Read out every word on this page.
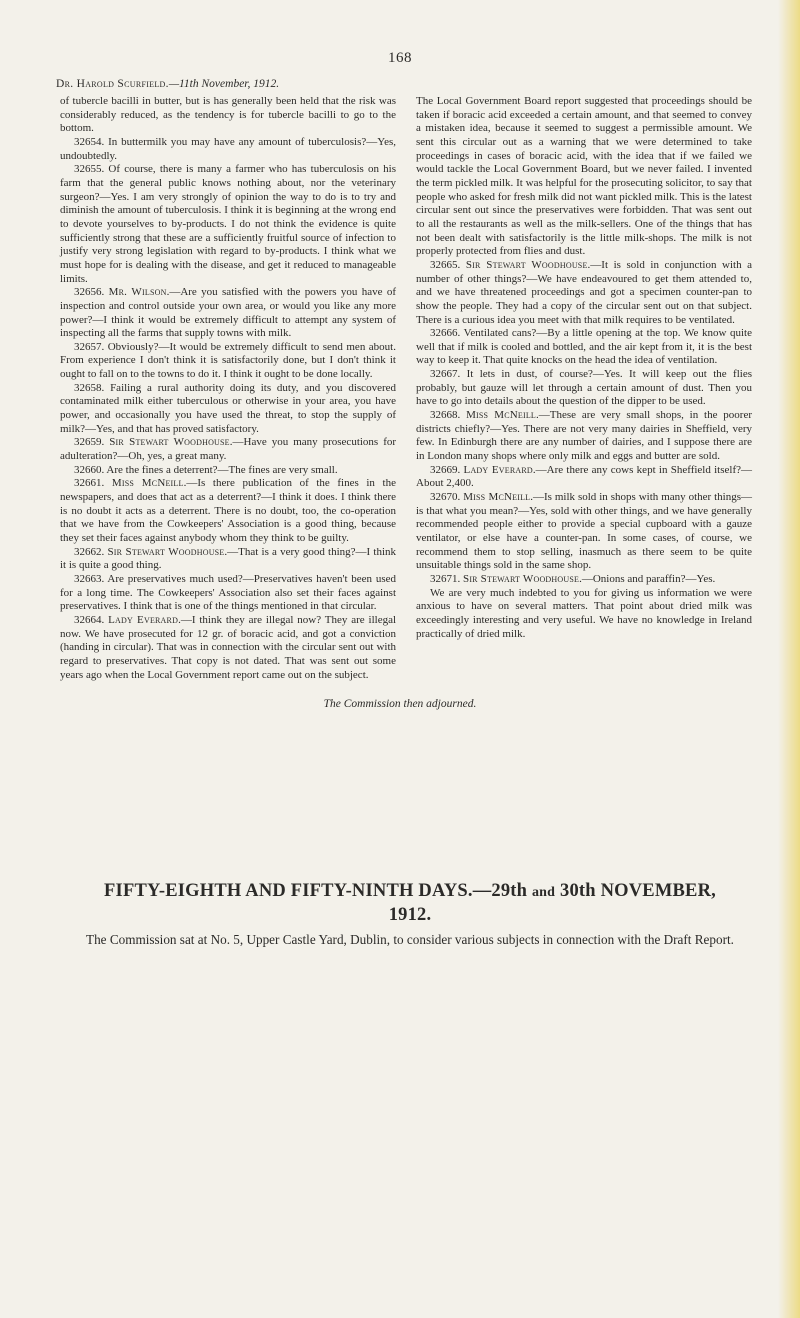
168
Dr. Harold Scurfield.—11th November, 1912.

of tubercle bacilli in butter, but is has generally been held that the risk was considerably reduced, as the tendency is for tubercle bacilli to go to the bottom.

32654. In buttermilk you may have any amount of tuberculosis?—Yes, undoubtedly.

32655. Of course, there is many a farmer who has tuberculosis on his farm that the general public knows nothing about, nor the veterinary surgeon?—Yes. I am very strongly of opinion the way to do is to try and diminish the amount of tuberculosis. I think it is beginning at the wrong end to devote yourselves to by-products. I do not think the evidence is quite sufficiently strong that these are a sufficiently fruitful source of infection to justify very strong legislation with regard to by-products. I think what we must hope for is dealing with the disease, and get it reduced to manageable limits.

32656. Mr. Wilson.—Are you satisfied with the powers you have of inspection and control outside your own area, or would you like any more power?—I think it would be extremely difficult to attempt any system of inspecting all the farms that supply towns with milk.

32657. Obviously?—It would be extremely difficult to send men about. From experience I don't think it is satisfactorily done, but I don't think it ought to fall on to the towns to do it. I think it ought to be done locally.

32658. Failing a rural authority doing its duty, and you discovered contaminated milk either tuberculous or otherwise in your area, you have power, and occasionally you have used the threat, to stop the supply of milk?—Yes, and that has proved satisfactory.

32659. Sir Stewart Woodhouse.—Have you many prosecutions for adulteration?—Oh, yes, a great many.

32660. Are the fines a deterrent?—The fines are very small.

32661. Miss McNeill.—Is there publication of the fines in the newspapers, and does that act as a deterrent?—I think it does. I think there is no doubt it acts as a deterrent. There is no doubt, too, the co-operation that we have from the Cowkeepers' Association is a good thing, because they set their faces against anybody whom they think to be guilty.

32662. Sir Stewart Woodhouse.—That is a very good thing?—I think it is quite a good thing.

32663. Are preservatives much used?—Preservatives haven't been used for a long time. The Cowkeepers' Association also set their faces against preservatives. I think that is one of the things mentioned in that circular.

32664. Lady Everard.—I think they are illegal now? They are illegal now. We have prosecuted for 12 gr. of boracic acid, and got a conviction (handing in circular). That was in connection with the circular sent out with regard to preservatives. That copy is not dated. That was sent out some years ago when the Local Government report came out on the subject.

The Local Government Board report suggested that proceedings should be taken if boracic acid exceeded a certain amount, and that seemed to convey a mistaken idea, because it seemed to suggest a permissible amount. We sent this circular out as a warning that we were determined to take proceedings in cases of boracic acid, with the idea that if we failed we would tackle the Local Government Board, but we never failed. I invented the term pickled milk. It was helpful for the prosecuting solicitor, to say that people who asked for fresh milk did not want pickled milk. This is the latest circular sent out since the preservatives were forbidden. That was sent out to all the restaurants as well as the milk-sellers. One of the things that has not been dealt with satisfactorily is the little milk-shops. The milk is not properly protected from flies and dust.

32665. Sir Stewart Woodhouse.—It is sold in conjunction with a number of other things?—We have endeavoured to get them attended to, and we have threatened proceedings and got a specimen counter-pan to show the people. They had a copy of the circular sent out on that subject. There is a curious idea you meet with that milk requires to be ventilated.

32666. Ventilated cans?—By a little opening at the top. We know quite well that if milk is cooled and bottled, and the air kept from it, it is the best way to keep it. That quite knocks on the head the idea of ventilation.

32667. It lets in dust, of course?—Yes. It will keep out the flies probably, but gauze will let through a certain amount of dust. Then you have to go into details about the question of the dipper to be used.

32668. Miss McNeill.—These are very small shops, in the poorer districts chiefly?—Yes. There are not very many dairies in Sheffield, very few. In Edinburgh there are any number of dairies, and I suppose there are in London many shops where only milk and eggs and butter are sold.

32669. Lady Everard.—Are there any cows kept in Sheffield itself?—About 2,400.

32670. Miss McNeill.—Is milk sold in shops with many other things—is that what you mean?—Yes, sold with other things, and we have generally recommended people either to provide a special cupboard with a gauze ventilator, or else have a counter-pan. In some cases, of course, we recommend them to stop selling, inasmuch as there seem to be quite unsuitable things sold in the same shop.

32671. Sir Stewart Woodhouse.—Onions and paraffin?—Yes.

We are very much indebted to you for giving us information we were anxious to have on several matters. That point about dried milk was exceedingly interesting and very useful. We have no knowledge in Ireland practically of dried milk.

The Commission then adjourned.
FIFTY-EIGHTH AND FIFTY-NINTH DAYS.—29th and 30th NOVEMBER,
1912.
The Commission sat at No. 5, Upper Castle Yard, Dublin, to consider various subjects in connection with the Draft Report.
